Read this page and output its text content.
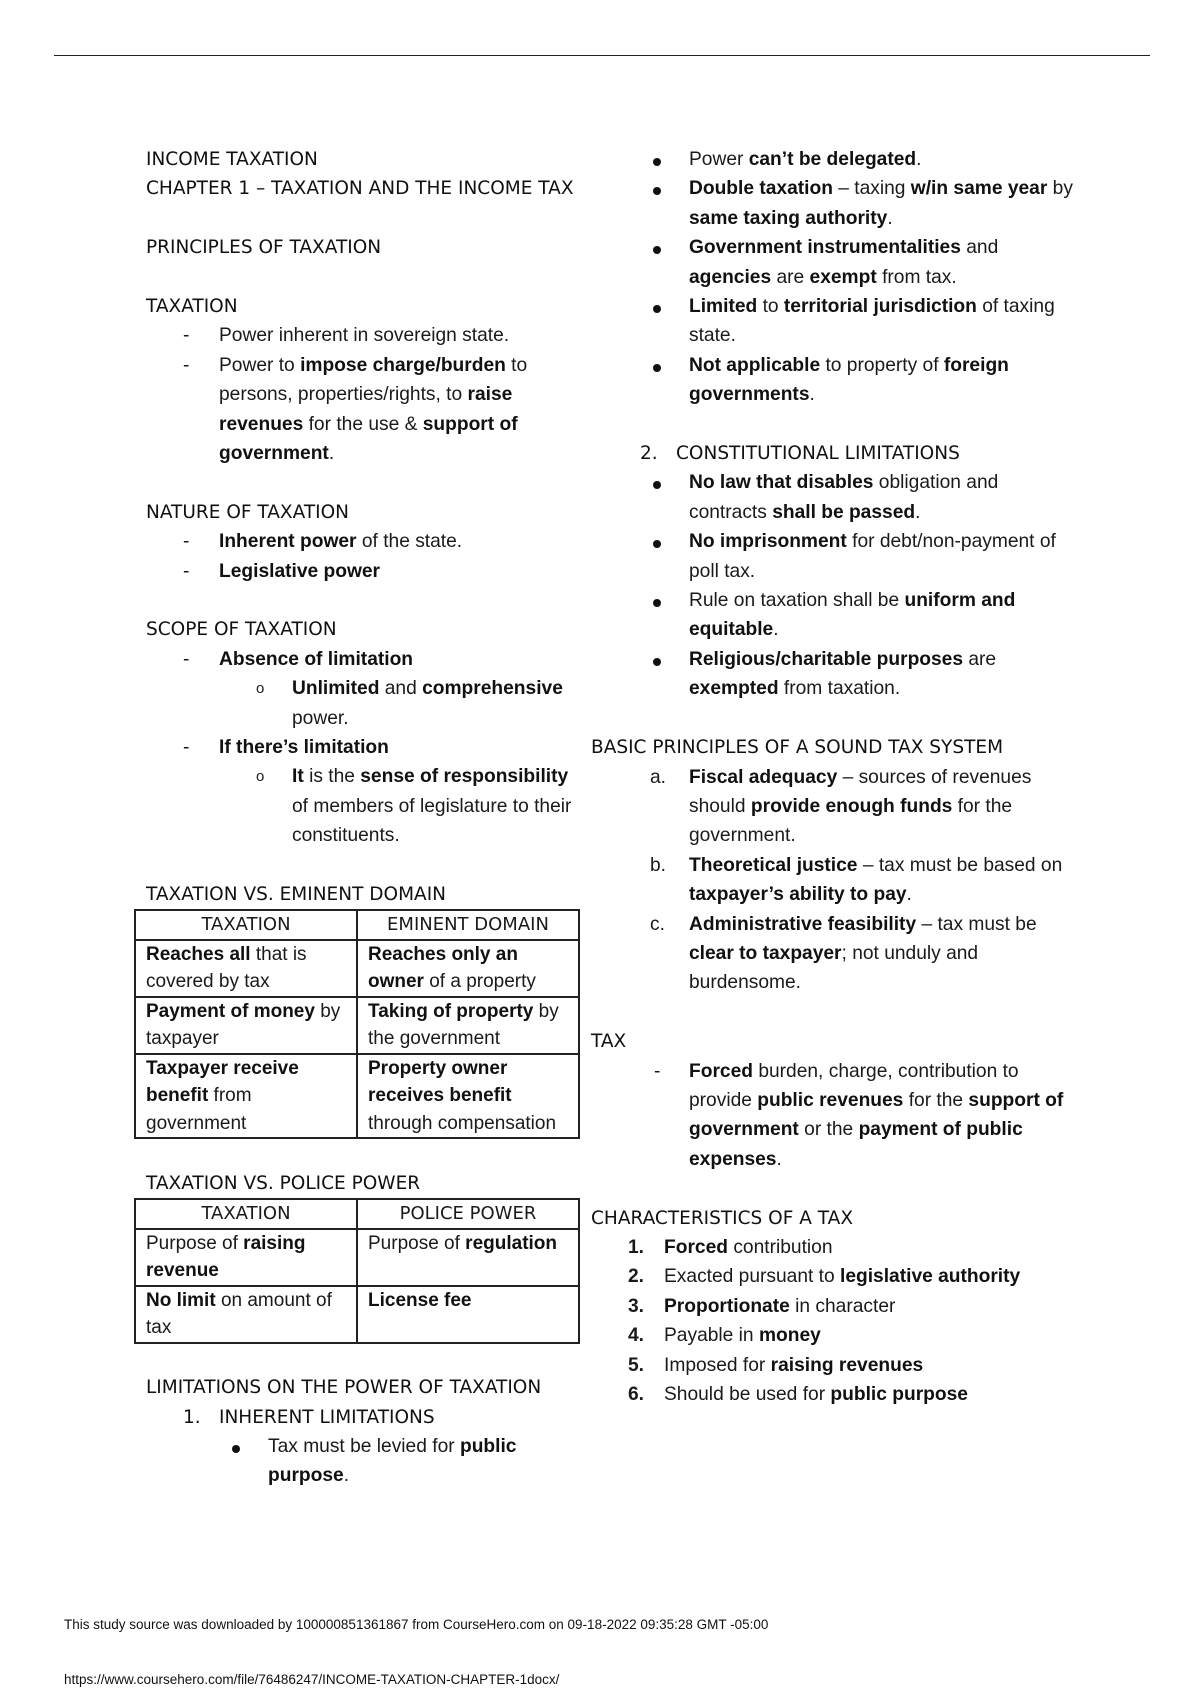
INCOME TAXATION
CHAPTER 1 – TAXATION AND THE INCOME TAX
PRINCIPLES OF TAXATION
TAXATION
- Power inherent in sovereign state.
- Power to impose charge/burden to persons, properties/rights, to raise revenues for the use & support of government.
NATURE OF TAXATION
- Inherent power of the state.
- Legislative power
SCOPE OF TAXATION
- Absence of limitation
o Unlimited and comprehensive power.
- If there’s limitation
o It is the sense of responsibility of members of legislature to their constituents.
TAXATION VS. EMINENT DOMAIN
TAXATION	EMINENT DOMAIN
Reaches all that is covered by tax	Reaches only an owner of a property
Payment of money by taxpayer	Taking of property by the government
Taxpayer receive benefit from government	Property owner receives benefit through compensation
TAXATION VS. POLICE POWER
TAXATION	POLICE POWER
Purpose of raising revenue	Purpose of regulation
No limit on amount of tax	License fee
LIMITATIONS ON THE POWER OF TAXATION
1. INHERENT LIMITATIONS
Tax must be levied for public purpose.
Power can’t be delegated.
Double taxation – taxing w/in same year by same taxing authority.
Government instrumentalities and agencies are exempt from tax.
Limited to territorial jurisdiction of taxing state.
Not applicable to property of foreign governments.
2. CONSTITUTIONAL LIMITATIONS
No law that disables obligation and contracts shall be passed.
No imprisonment for debt/non-payment of poll tax.
Rule on taxation shall be uniform and equitable.
Religious/charitable purposes are exempted from taxation.
BASIC PRINCIPLES OF A SOUND TAX SYSTEM
a. Fiscal adequacy – sources of revenues should provide enough funds for the government.
b. Theoretical justice – tax must be based on taxpayer’s ability to pay.
c. Administrative feasibility – tax must be clear to taxpayer; not unduly and burdensome.
TAX
- Forced burden, charge, contribution to provide public revenues for the support of government or the payment of public expenses.
CHARACTERISTICS OF A TAX
1. Forced contribution
2. Exacted pursuant to legislative authority
3. Proportionate in character
4. Payable in money
5. Imposed for raising revenues
6. Should be used for public purpose
This study source was downloaded by 100000851361867 from CourseHero.com on 09-18-2022 09:35:28 GMT -05:00
https://www.coursehero.com/file/76486247/INCOME-TAXATION-CHAPTER-1docx/
